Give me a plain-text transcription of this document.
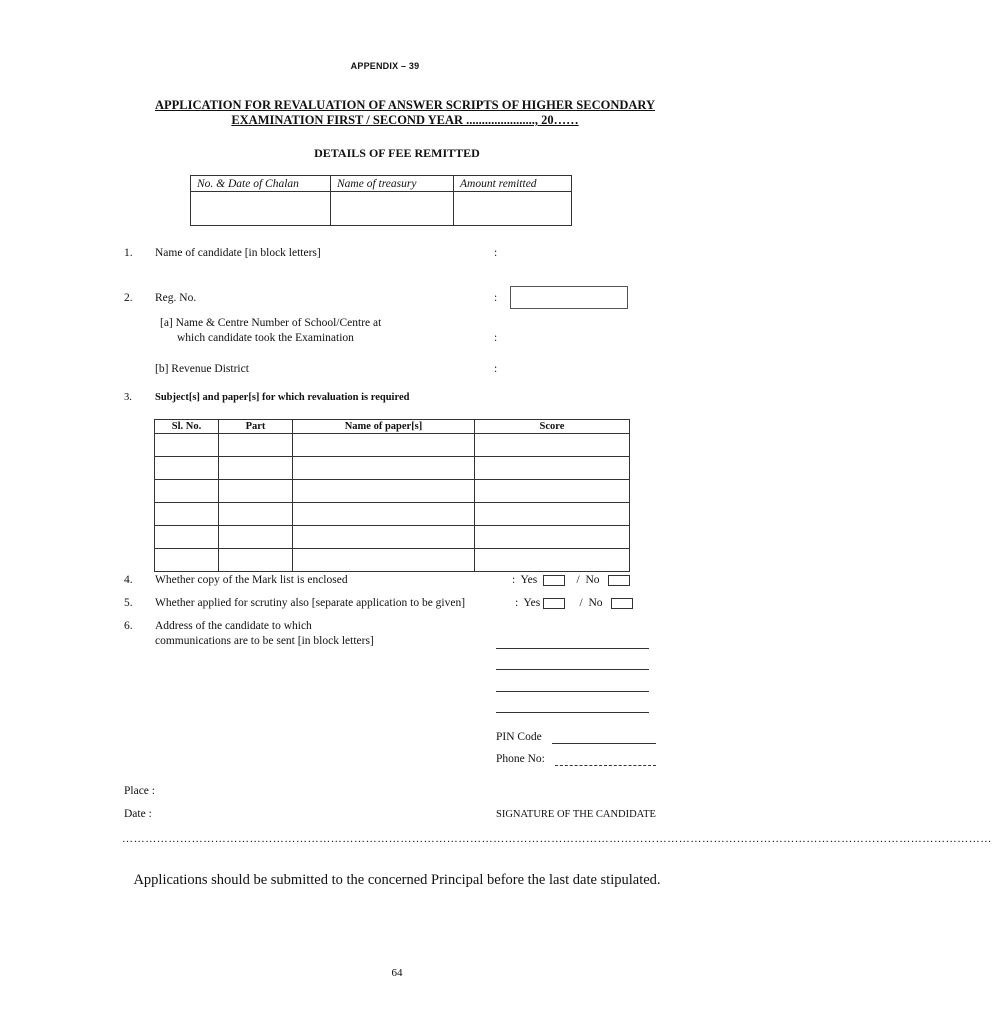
APPENDIX – 39
APPLICATION FOR REVALUATION OF ANSWER SCRIPTS OF HIGHER SECONDARY
EXAMINATION FIRST / SECOND YEAR ......................, 20……
DETAILS OF FEE REMITTED
No. & Date of Chalan	Name of treasury	Amount remitted

1. Name of candidate [in block letters]	:
2. Reg. No.	:
[a] Name & Centre Number of School/Centre at
which candidate took the Examination	:
[b] Revenue District	:
3. Subject[s] and paper[s] for which revaluation is required
Sl. No.	Part	Name of paper[s]	Score

4. Whether copy of the Mark list is enclosed	: Yes	/ No
5. Whether applied for scrutiny also [separate application to be given]	: Yes	/ No
6. Address of the candidate to which
communications are to be sent [in block letters]
PIN Code
Phone No:
Place :
Date :	SIGNATURE OF THE CANDIDATE
………………………………………………………………………………………………………………………………………………………………………………………………………
Applications should be submitted to the concerned Principal before the last date stipulated.
64
